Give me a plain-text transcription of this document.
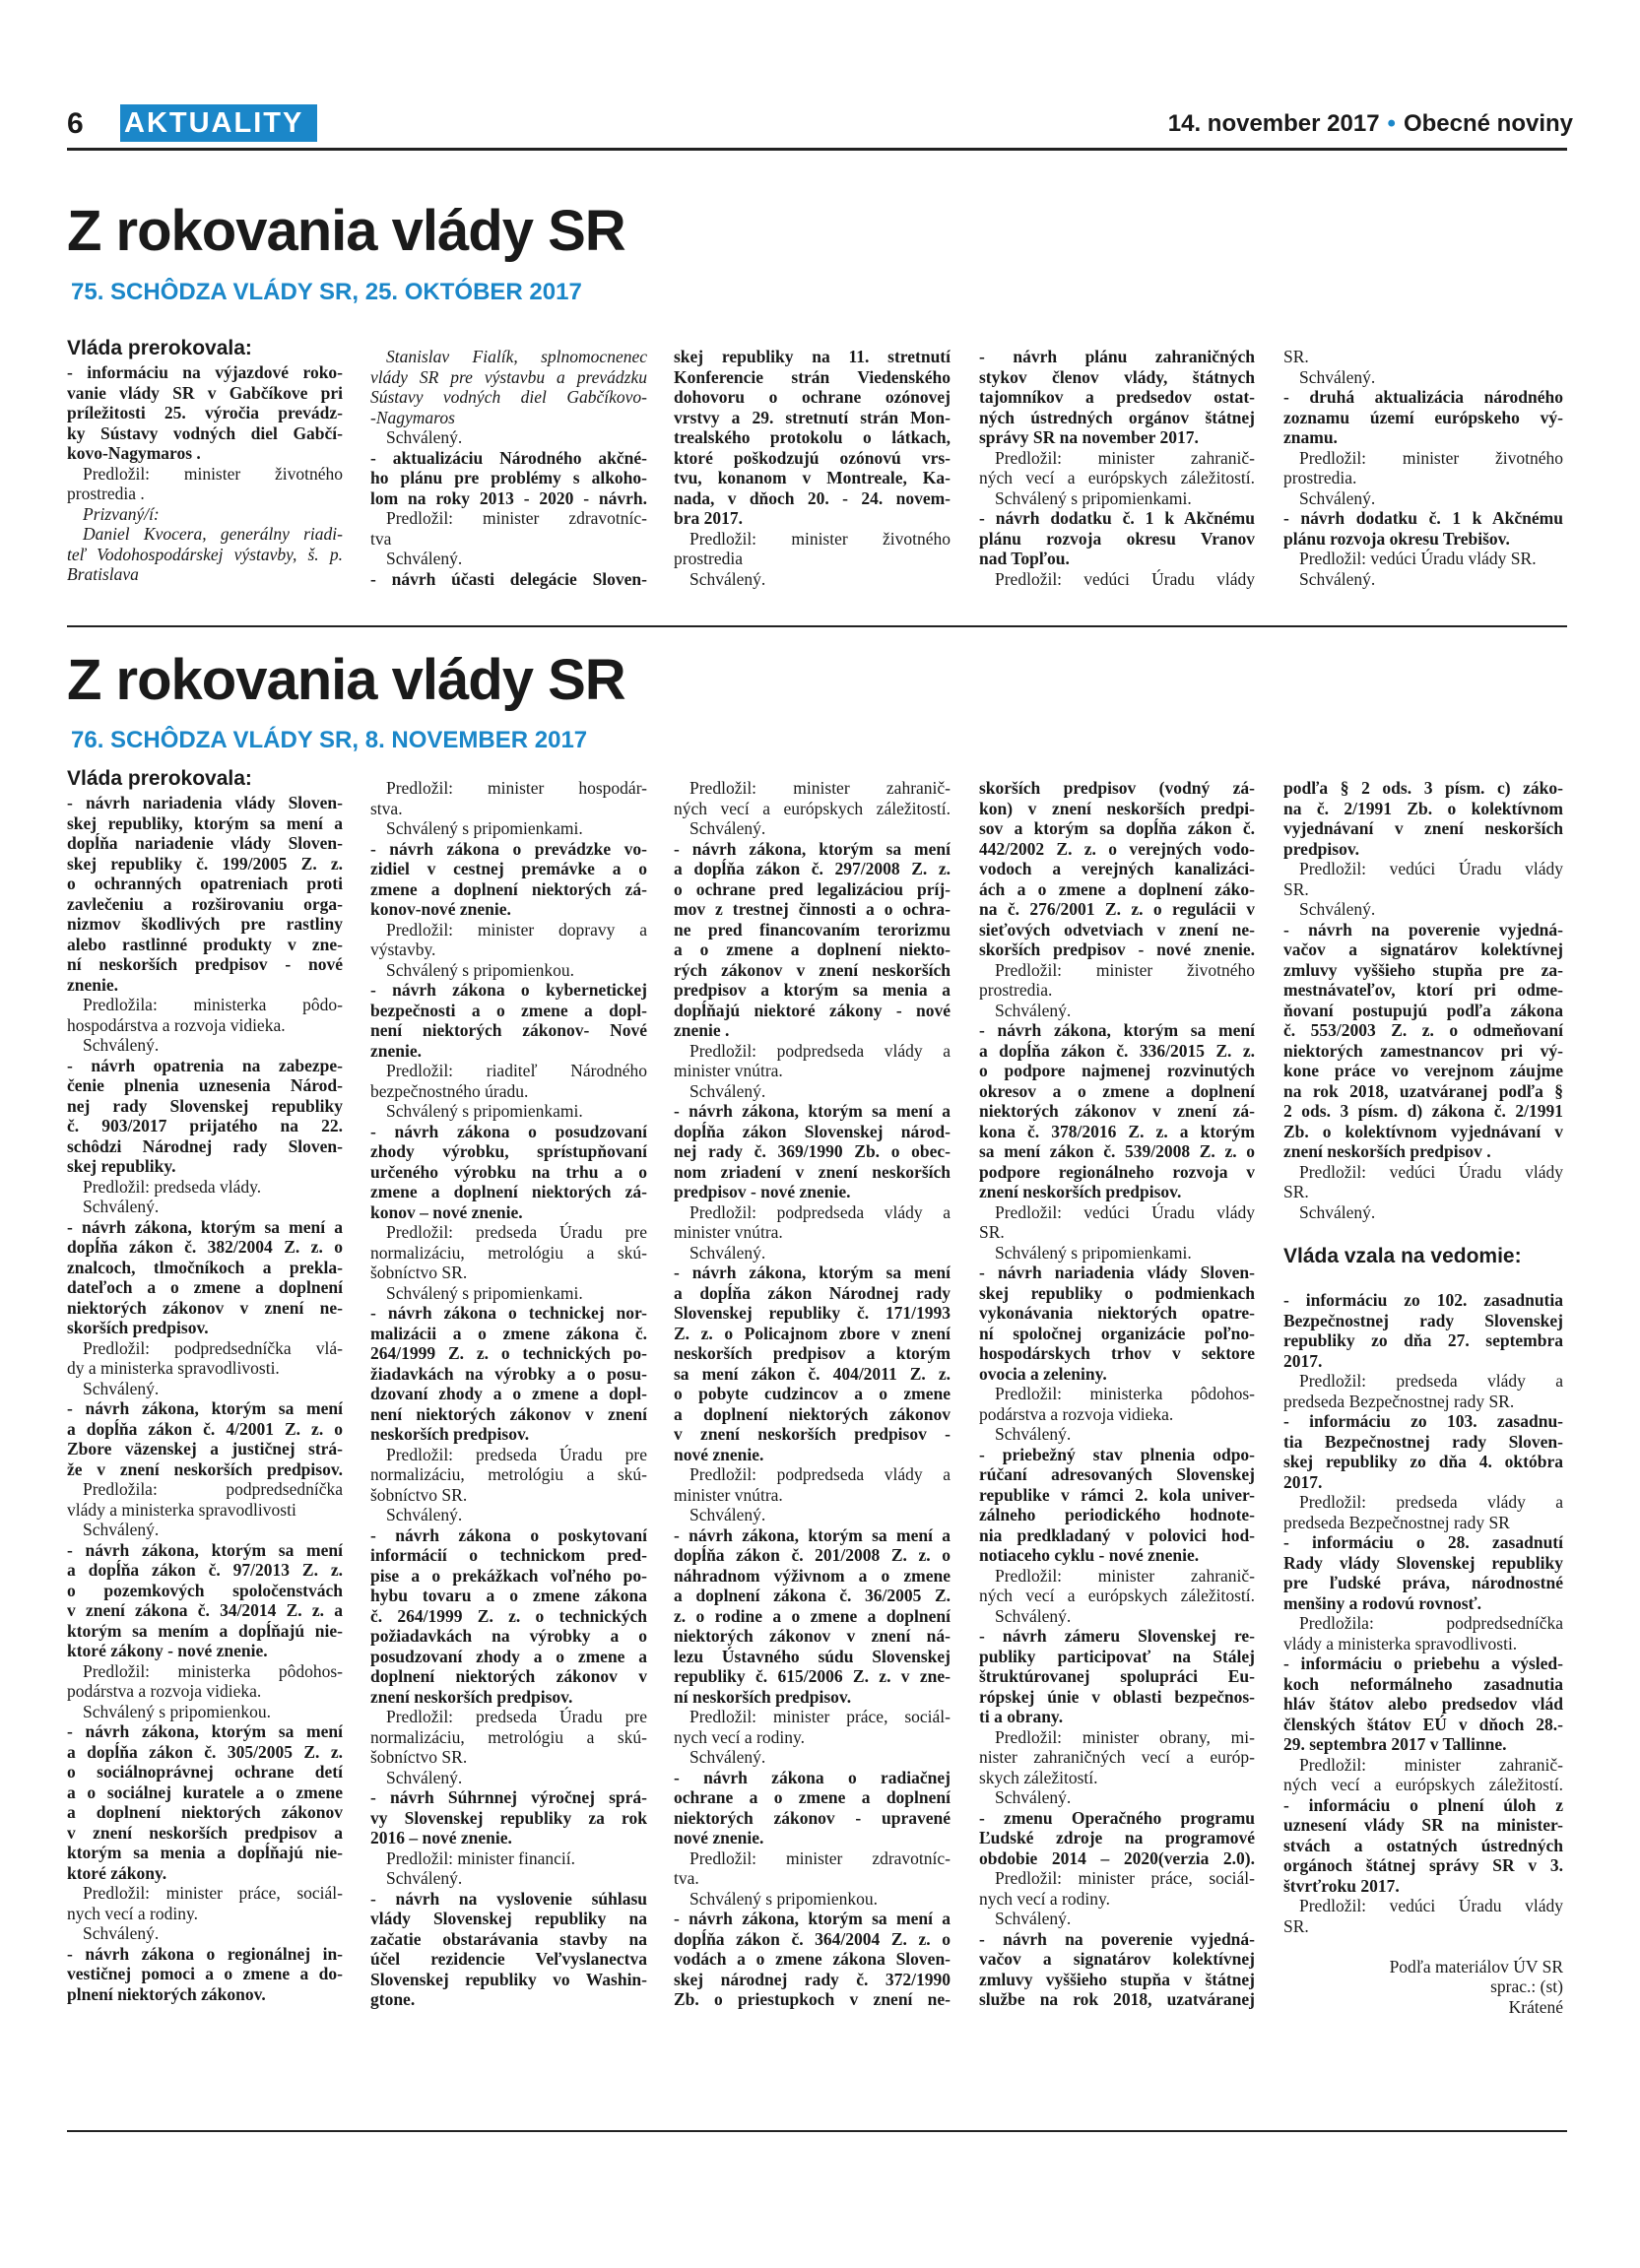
6 AKTUALITY	14. november 2017 • Obecné noviny
Z rokovania vlády SR
75. SCHÔDZA VLÁDY SR, 25. OKTÓBER 2017
Vláda prerokovala:
- informáciu na výjazdové roko-
vanie vlády SR v Gabčíkove pri
príležitosti 25. výročia prevádz-
ky Sústavy vodných diel Gabčí-
kovo-Nagymaros .
Predložil: minister životného
prostredia .
Prizvaný/í:
Daniel Kvocera, generálny riadi-
teľ Vodohospodárskej výstavby, š. p.
Bratislava
Stanislav Fialík, splnomocnenec
vlády SR pre výstavbu a prevádzku
Sústavy vodných diel Gabčíkovo-
-Nagymaros
Schválený.
- aktualizáciu Národného akčné-
ho plánu pre problémy s alkoho-
lom na roky 2013 - 2020 - návrh.
Predložil: minister zdravotníc-
tva
Schválený.
- návrh účasti delegácie Sloven-
skej republiky na 11. stretnutí
Konferencie strán Viedenského
dohovoru o ochrane ozónovej
vrstvy a 29. stretnutí strán Mon-
trealského protokolu o látkach,
ktoré poškodzujú ozónovú vrs-
tvu, konanom v Montreale, Ka-
nada, v dňoch 20. - 24. novem-
bra 2017.
Predložil: minister životného
prostredia
Schválený.
- návrh plánu zahraničných
stykov členov vlády, štátnych
tajomníkov a predsedov ostat-
ných ústredných orgánov štátnej
správy SR na november 2017.
Predložil: minister zahranič-
ných vecí a európskych záležitostí.
Schválený s pripomienkami.
- návrh dodatku č. 1 k Akčnému
plánu rozvoja okresu Vranov
nad Topľou.
Predložil: vedúci Úradu vlády
SR.
Schválený.
- druhá aktualizácia národného
zoznamu území európskeho vý-
znamu.
Predložil: minister životného
prostredia.
Schválený.
- návrh dodatku č. 1 k Akčnému
plánu rozvoja okresu Trebišov.
Predložil: vedúci Úradu vlády SR.
Schválený.
Z rokovania vlády SR
76. SCHÔDZA VLÁDY SR, 8. NOVEMBER 2017
Vláda prerokovala:
- návrh nariadenia vlády Sloven-
skej republiky, ktorým sa mení a
dopĺňa nariadenie vlády Sloven-
skej republiky č. 199/2005 Z. z.
o ochranných opatreniach proti
zavlečeniu a rozširovaniu orga-
nizmov škodlivých pre rastliny
alebo rastlinné produkty v zne-
ní neskorších predpisov - nové
znenie.
Predložila: ministerka pôdo-
hospodárstva a rozvoja vidieka.
Schválený.
- návrh opatrenia na zabezpe-
čenie plnenia uznesenia Národ-
nej rady Slovenskej republiky
č. 903/2017 prijatého na 22.
schôdzi Národnej rady Sloven-
skej republiky.
Predložil: predseda vlády.
Schválený.
- návrh zákona, ktorým sa mení a
dopĺňa zákon č. 382/2004 Z. z. o
znalcoch, tlmočníkoch a prekla-
dateľoch a o zmene a doplnení
niektorých zákonov v znení ne-
skorších predpisov.
Predložil: podpredsedníčka vlá-
dy a ministerka spravodlivosti.
Schválený.
- návrh zákona, ktorým sa mení
a dopĺňa zákon č. 4/2001 Z. z. o
Zbore väzenskej a justičnej strá-
že v znení neskorších predpisov.
Predložila: podpredsedníčka
vlády a ministerka spravodlivosti
Schválený.
- návrh zákona, ktorým sa mení
a dopĺňa zákon č. 97/2013 Z. z.
o pozemkových spoločenstvách
v znení zákona č. 34/2014 Z. z. a
ktorým sa mením a dopĺňajú nie-
ktoré zákony - nové znenie.
Predložil: ministerka pôdohos-
podárstva a rozvoja vidieka.
Schválený s pripomienkou.
- návrh zákona, ktorým sa mení
a dopĺňa zákon č. 305/2005 Z. z.
o sociálnoprávnej ochrane detí
a o sociálnej kuratele a o zmene
a doplnení niektorých zákonov
v znení neskorších predpisov a
ktorým sa menia a dopĺňajú nie-
ktoré zákony.
Predložil: minister práce, sociál-
nych vecí a rodiny.
Schválený.
- návrh zákona o regionálnej in-
vestičnej pomoci a o zmene a do-
plnení niektorých zákonov.
Predložil: minister hospodár-
stva.
Schválený s pripomienkami.
- návrh zákona o prevádzke vo-
zidiel v cestnej premávke a o
zmene a doplnení niektorých zá-
konov-nové znenie.
Predložil: minister dopravy a
výstavby.
Schválený s pripomienkou.
- návrh zákona o kybernetickej
bezpečnosti a o zmene a dopl-
není niektorých zákonov- Nové
znenie.
Predložil: riaditeľ Národného
bezpečnostného úradu.
Schválený s pripomienkami.
- návrh zákona o posudzovaní
zhody výrobku, sprístupňovaní
určeného výrobku na trhu a o
zmene a doplnení niektorých zá-
konov – nové znenie.
Predložil: predseda Úradu pre
normalizáciu, metrológiu a skú-
šobníctvo SR.
Schválený s pripomienkami.
- návrh zákona o technickej nor-
malizácii a o zmene zákona č.
264/1999 Z. z. o technických po-
žiadavkách na výrobky a o posu-
dzovaní zhody a o zmene a dopl-
není niektorých zákonov v znení
neskorších predpisov.
Predložil: predseda Úradu pre
normalizáciu, metrológiu a skú-
šobníctvo SR.
Schválený.
- návrh zákona o poskytovaní
informácií o technickom pred-
pise a o prekážkach voľného po-
hybu tovaru a o zmene zákona
č. 264/1999 Z. z. o technických
požiadavkách na výrobky a o
posudzovaní zhody a o zmene a
doplnení niektorých zákonov v
znení neskorších predpisov.
Predložil: predseda Úradu pre
normalizáciu, metrológiu a skú-
šobníctvo SR.
Schválený.
- návrh Súhrnnej výročnej sprá-
vy Slovenskej republiky za rok
2016 – nové znenie.
Predložil: minister financií.
Schválený.
- návrh na vyslovenie súhlasu
vlády Slovenskej republiky na
začatie obstarávania stavby na
účel rezidencie Veľvyslanectva
Slovenskej republiky vo Washin-
gtone.
Predložil: minister zahranič-
ných vecí a európskych záležitostí.
Schválený.
- návrh zákona, ktorým sa mení
a dopĺňa zákon č. 297/2008 Z. z.
o ochrane pred legalizáciou príj-
mov z trestnej činnosti a o ochra-
ne pred financovaním terorizmu
a o zmene a doplnení niekto-
rých zákonov v znení neskorších
predpisov a ktorým sa menia a
dopĺňajú niektoré zákony - nové
znenie .
Predložil: podpredseda vlády a
minister vnútra.
Schválený.
- návrh zákona, ktorým sa mení a
dopĺňa zákon Slovenskej národ-
nej rady č. 369/1990 Zb. o obec-
nom zriadení v znení neskorších
predpisov - nové znenie.
Predložil: podpredseda vlády a
minister vnútra.
Schválený.
- návrh zákona, ktorým sa mení
a dopĺňa zákon Národnej rady
Slovenskej republiky č. 171/1993
Z. z. o Policajnom zbore v znení
neskorších predpisov a ktorým
sa mení zákon č. 404/2011 Z. z.
o pobyte cudzincov a o zmene
a doplnení niektorých zákonov
v znení neskorších predpisov -
nové znenie.
Predložil: podpredseda vlády a
minister vnútra.
Schválený.
- návrh zákona, ktorým sa mení a
dopĺňa zákon č. 201/2008 Z. z. o
náhradnom výživnom a o zmene
a doplnení zákona č. 36/2005 Z.
z. o rodine a o zmene a doplnení
niektorých zákonov v znení ná-
lezu Ústavného súdu Slovenskej
republiky č. 615/2006 Z. z. v zne-
ní neskorších predpisov.
Predložil: minister práce, sociál-
nych vecí a rodiny.
Schválený.
- návrh zákona o radiačnej
ochrane a o zmene a doplnení
niektorých zákonov - upravené
nové znenie.
Predložil: minister zdravotníc-
tva.
Schválený s pripomienkou.
- návrh zákona, ktorým sa mení a
dopĺňa zákon č. 364/2004 Z. z. o
vodách a o zmene zákona Sloven-
skej národnej rady č. 372/1990
Zb. o priestupkoch v znení ne-
skorších predpisov (vodný zá-
kon) v znení neskorších predpi-
sov a ktorým sa dopĺňa zákon č.
442/2002 Z. z. o verejných vodo-
vodoch a verejných kanalizáci-
ách a o zmene a doplnení záko-
na č. 276/2001 Z. z. o regulácii v
sieťových odvetviach v znení ne-
skorších predpisov - nové znenie.
Predložil: minister životného
prostredia.
Schválený.
- návrh zákona, ktorým sa mení
a dopĺňa zákon č. 336/2015 Z. z.
o podpore najmenej rozvinutých
okresov a o zmene a doplnení
niektorých zákonov v znení zá-
kona č. 378/2016 Z. z. a ktorým
sa mení zákon č. 539/2008 Z. z. o
podpore regionálneho rozvoja v
znení neskorších predpisov.
Predložil: vedúci Úradu vlády
SR.
Schválený s pripomienkami.
- návrh nariadenia vlády Sloven-
skej republiky o podmienkach
vykonávania niektorých opatre-
ní spoločnej organizácie poľno-
hospodárskych trhov v sektore
ovocia a zeleniny.
Predložil: ministerka pôdohos-
podárstva a rozvoja vidieka.
Schválený.
- priebežný stav plnenia odpo-
rúčaní adresovaných Slovenskej
republike v rámci 2. kola univer-
zálneho periodického hodnote-
nia predkladaný v polovici hod-
notiaceho cyklu - nové znenie.
Predložil: minister zahranič-
ných vecí a európskych záležitostí.
Schválený.
- návrh zámeru Slovenskej re-
publiky participovať na Stálej
štruktúrovanej spolupráci Eu-
rópskej únie v oblasti bezpečnos-
ti a obrany.
Predložil: minister obrany, mi-
nister zahraničných vecí a európ-
skych záležitostí.
Schválený.
- zmenu Operačného programu
Ľudské zdroje na programové
obdobie 2014 – 2020(verzia 2.0).
Predložil: minister práce, sociál-
nych vecí a rodiny.
Schválený.
- návrh na poverenie vyjedná-
vačov a signatárov kolektívnej
zmluvy vyššieho stupňa v štátnej
službe na rok 2018, uzatváranej
podľa § 2 ods. 3 písm. c) záko-
na č. 2/1991 Zb. o kolektívnom
vyjednávaní v znení neskorších
predpisov.
Predložil: vedúci Úradu vlády
SR.
Schválený.
- návrh na poverenie vyjedná-
vačov a signatárov kolektívnej
zmluvy vyššieho stupňa pre za-
mestnávateľov, ktorí pri odme-
ňovaní postupujú podľa zákona
č. 553/2003 Z. z. o odmeňovaní
niektorých zamestnancov pri vý-
kone práce vo verejnom záujme
na rok 2018, uzatváranej podľa §
2 ods. 3 písm. d) zákona č. 2/1991
Zb. o kolektívnom vyjednávaní v
znení neskorších predpisov .
Predložil: vedúci Úradu vlády
SR.
Schválený.
Vláda vzala na vedomie:
- informáciu zo 102. zasadnutia
Bezpečnostnej rady Slovenskej
republiky zo dňa 27. septembra
2017.
Predložil: predseda vlády a
predseda Bezpečnostnej rady SR.
- informáciu zo 103. zasadnu-
tia Bezpečnostnej rady Sloven-
skej republiky zo dňa 4. októbra
2017.
Predložil: predseda vlády a
predseda Bezpečnostnej rady SR
- informáciu o 28. zasadnutí
Rady vlády Slovenskej republiky
pre ľudské práva, národnostné
menšiny a rodovú rovnosť.
Predložila: podpredsedníčka
vlády a ministerka spravodlivosti.
- informáciu o priebehu a výsled-
koch neformálneho zasadnutia
hláv štátov alebo predsedov vlád
členských štátov EÚ v dňoch 28.-
29. septembra 2017 v Tallinne.
Predložil: minister zahranič-
ných vecí a európskych záležitostí.
- informáciu o plnení úloh z
uznesení vlády SR na minister-
stvách a ostatných ústredných
orgánoch štátnej správy SR v 3.
štvrťroku 2017.
Predložil: vedúci Úradu vlády
SR.
Podľa materiálov ÚV SR
sprac.: (st)
Krátené
